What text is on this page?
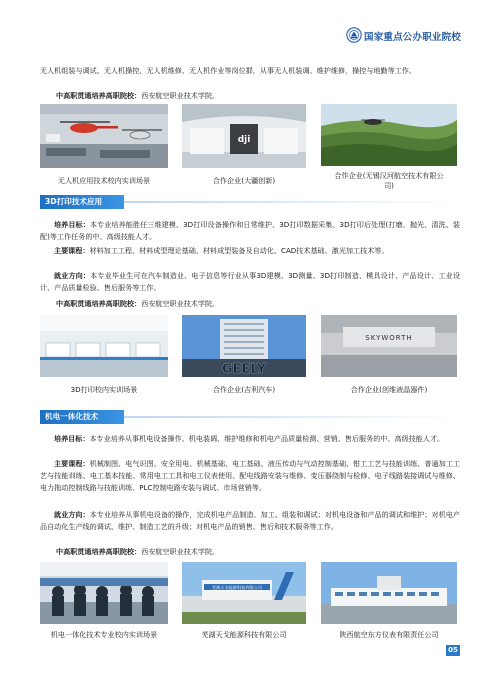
国家重点公办职业院校
无人机组装与调试、无人机操控、无人机维修、无人机作业等岗位群，从事无人机装调、维护维修，操控与地勤等工作。
中高职贯通培养高职院校：西安航空职业技术学院。
dji
无人机应用技术校内实训场景	合作企业(大疆创新)
合作企业(无锡汉河航空技术有限公司)
3D打印技术应用
培养目标：本专业培养能胜任三维建模、3D打印设备操作和日常维护、3D打印数据采集、3D打印后处理(打磨、抛光、清洗、装配)等工作任务的中、高级技能人才。
主要课程：材料加工工程、材料成型理论基础、材料成型装备及自动化、CAD技术基础、激光加工技术等。
就业方向：本专业毕业生可在汽车制造业、电子信息等行业从事3D建模、3D测量、3D打印制造、模具设计、产品设计、工业设计、产品质量检验、售后服务等工作。
中高职贯通培养高职院校：西安航空职业技术学院。
GEELY
SKYWORTH
3D打印校内实训场景	合作企业(吉利汽车)	合作企业(创维液晶器件)
机电一体化技术
培养目标：本专业培养从事机电设备操作、机电装调、维护维修和机电产品质量检测、营销、售后服务的中、高级技能人才。
主要课程：机械制图、电气识图、安全用电、机械基础、电工基础、液压传动与气动控制基础、钳工工艺与技能训练、普通加工工艺与技能训练、电工基本技能、常用电工工具和电工仪表使用、配电线路安装与维修、变压器绕制与检修、电子线路装接调试与维修、电力拖动控制线路与技能训练、PLC控制电路安装与调试、市场营销等。
就业方向：本专业培养从事机电设备的操作，完成机电产品制造、加工、组装和调试；对机电设备和产品的调试和维护；对机电产品自动化生产线的调试、维护、制造工艺的升级；对机电产品的销售、售后和技术服务等工作。
中高职贯通培养高职院校：西安航空职业技术学院。
芜湖天戈能源科技有限公司
机电一体化技术专业校内实训场景	芜湖天戈能源科技有限公司	陕西航空东方仪表有限责任公司
05
